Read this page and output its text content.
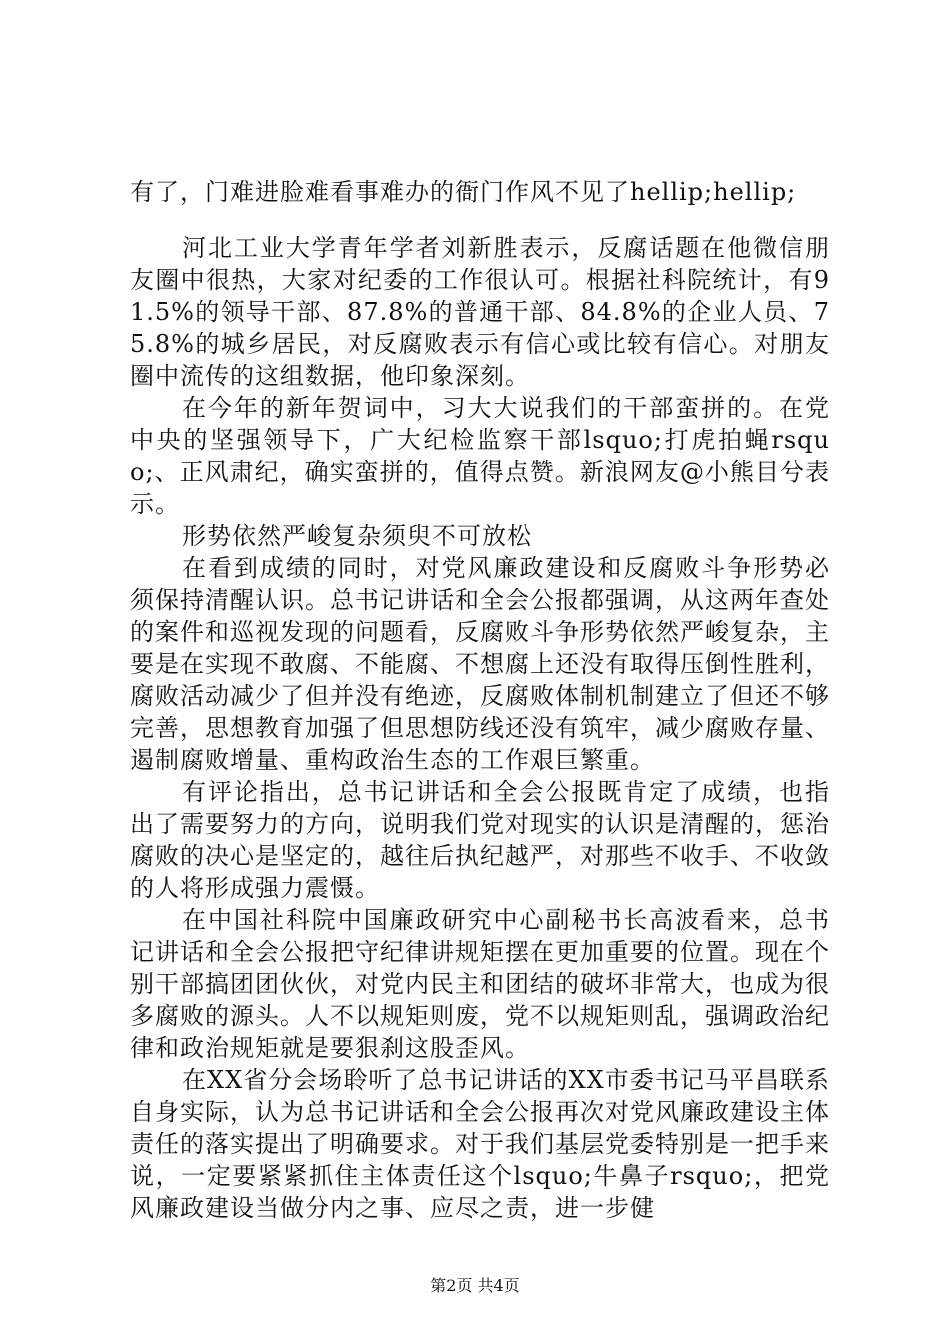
有了，门难进脸难看事难办的衙门作风不见了hellip;hellip;

河北工业大学青年学者刘新胜表示，反腐话题在他微信朋友圈中很热，大家对纪委的工作很认可。根据社科院统计，有91.5%的领导干部、87.8%的普通干部、84.8%的企业人员、75.8%的城乡居民，对反腐败表示有信心或比较有信心。对朋友圈中流传的这组数据，他印象深刻。

在今年的新年贺词中，习大大说我们的干部蛮拼的。在党中央的坚强领导下，广大纪检监察干部lsquo;打虎拍蝇rsquo;、正风肃纪，确实蛮拼的，值得点赞。新浪网友@小熊目兮表示。

形势依然严峻复杂须臾不可放松

在看到成绩的同时，对党风廉政建设和反腐败斗争形势必须保持清醒认识。总书记讲话和全会公报都强调，从这两年查处的案件和巡视发现的问题看，反腐败斗争形势依然严峻复杂，主要是在实现不敢腐、不能腐、不想腐上还没有取得压倒性胜利，腐败活动减少了但并没有绝迹，反腐败体制机制建立了但还不够完善，思想教育加强了但思想防线还没有筑牢，减少腐败存量、遏制腐败增量、重构政治生态的工作艰巨繁重。

有评论指出，总书记讲话和全会公报既肯定了成绩，也指出了需要努力的方向，说明我们党对现实的认识是清醒的，惩治腐败的决心是坚定的，越往后执纪越严，对那些不收手、不收敛的人将形成强力震慑。

在中国社科院中国廉政研究中心副秘书长高波看来，总书记讲话和全会公报把守纪律讲规矩摆在更加重要的位置。现在个别干部搞团团伙伙，对党内民主和团结的破坏非常大，也成为很多腐败的源头。人不以规矩则废，党不以规矩则乱，强调政治纪律和政治规矩就是要狠刹这股歪风。

在XX省分会场聆听了总书记讲话的XX市委书记马平昌联系自身实际，认为总书记讲话和全会公报再次对党风廉政建设主体责任的落实提出了明确要求。对于我们基层党委特别是一把手来说，一定要紧紧抓住主体责任这个lsquo;牛鼻子rsquo;，把党风廉政建设当做分内之事、应尽之责，进一步健

第2页 共4页
